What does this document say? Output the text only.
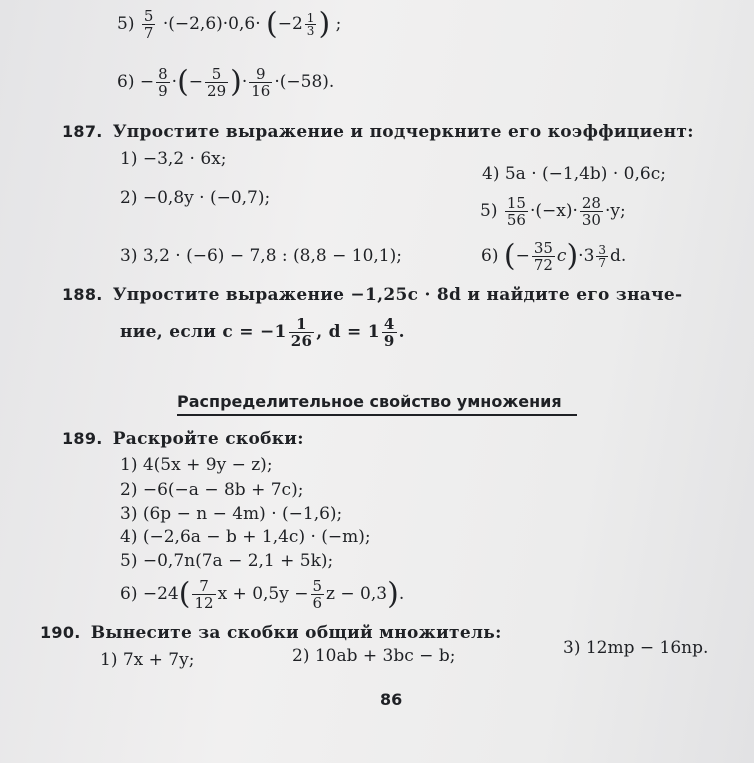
$5) \frac{5}{7} \cdot(-2,6)\cdot 0,6\cdot$ ( $-2 \frac{1}{3}$ ) ;
$6) - \frac{8}{9}$ ·(− $\frac{5}{29}$ )· $\frac{9}{16} \cdot(-58)$.
187. Упростите выражение и подчеркните его коэффициент:
1) −3,2 · 6x;
4) 5a · (−1,4b) · 0,6c;
2) −0,8y · (−0,7);
$5) \frac{15}{56} \cdot(-x)\cdot \frac{28}{30} \cdot y$;
3) 3,2 · (−6) − 7,8 : (8,8 − 10,1);	6) (− $\frac{35}{72} c)\cdot 3 \frac{3}{7} d$.
188. Упростите выражение −1,25c · 8d и найдите его значе-
ние, если $c = -1 \frac{1}{26}$ , $d = 1 \frac{4}{9}$ .
Распределительное свойство умножения
189. Раскройте скобки:
1) 4(5x + 9y − z);
2) −6(−a − 8b + 7c);
3) (6p − n − 4m) · (−1,6);
4) (−2,6a − b + 1,4c) · (−m);
5) −0,7n(7a − 2,1 + 5k);
$6) -24( \frac{7}{12}$ $x + 0,5y - \frac{5}{6}$ z − 0,3).
190. Вынесите за скобки общий множитель:
1) 7x + 7y;	2) 10ab + 3bc − b;	3) 12mp − 16np.
86
